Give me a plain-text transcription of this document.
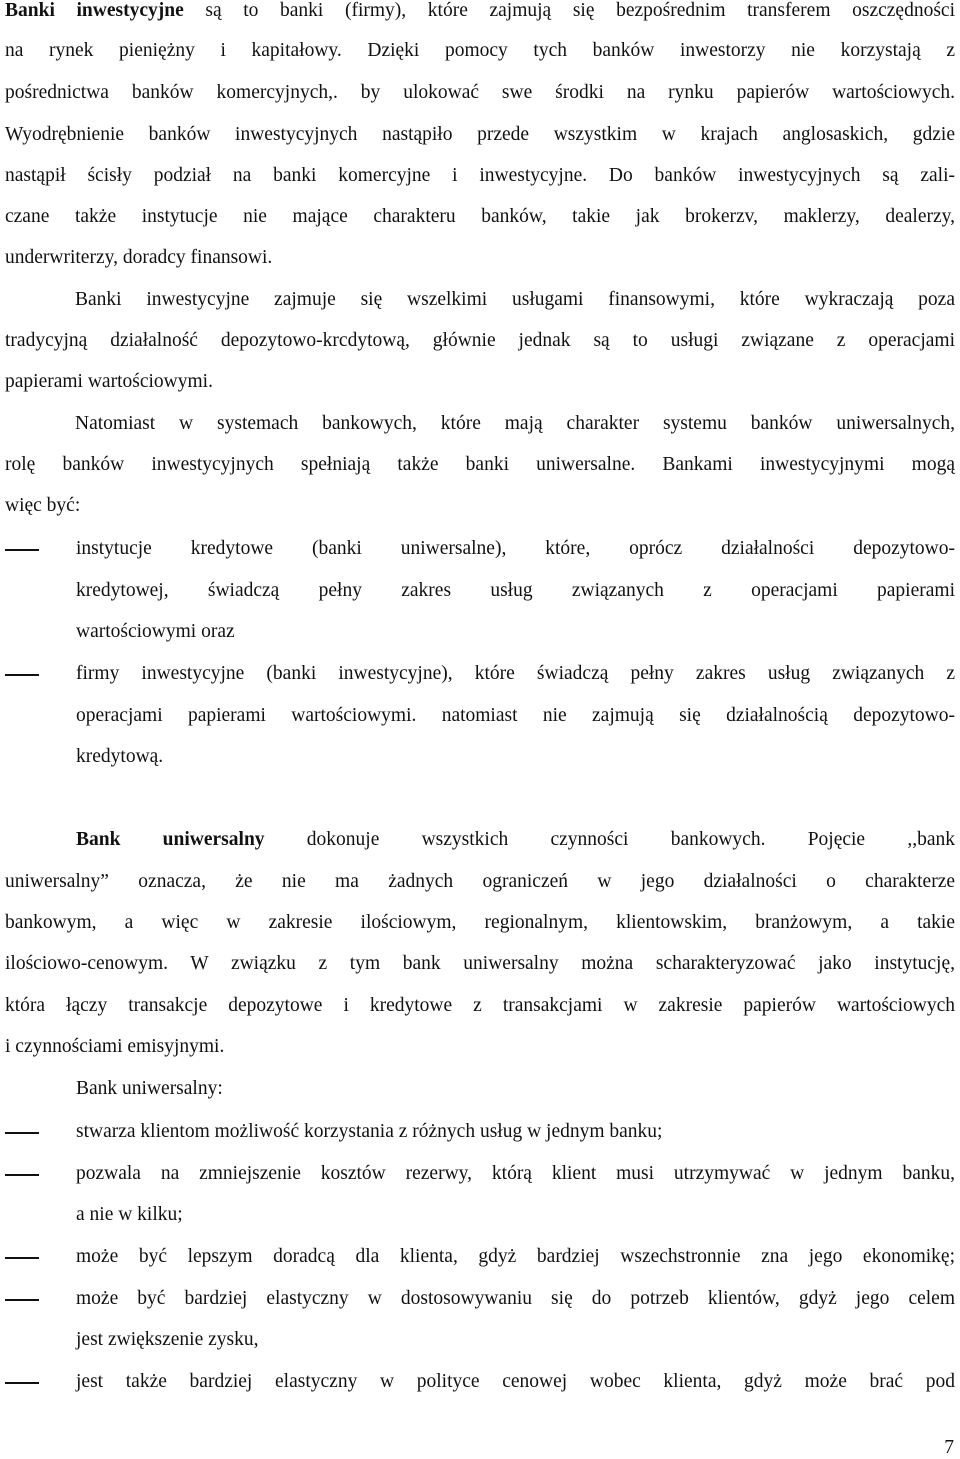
Banki inwestycyjne są to banki (firmy), które zajmują się bezpośrednim transferem oszczędności
na rynek pieniężny i kapitałowy. Dzięki pomocy tych banków inwestorzy nie korzystają z
pośrednictwa banków komercyjnych,. by ulokować swe środki na rynku papierów wartościowych.
Wyodrębnienie banków inwestycyjnych nastąpiło przede wszystkim w krajach anglosaskich, gdzie
nastąpił ścisły podział na banki komercyjne i inwestycyjne. Do banków inwestycyjnych są zali-
czane także instytucje nie mające charakteru banków, takie jak brokerzv, maklerzy, dealerzy,
underwriterzy, doradcy finansowi.
Banki inwestycyjne zajmuje się wszelkimi usługami finansowymi, które wykraczają poza
tradycyjną działalność depozytowo-krcdytową, głównie jednak są to usługi związane z operacjami
papierami wartościowymi.
Natomiast w systemach bankowych, które mają charakter systemu banków uniwersalnych,
rolę banków inwestycyjnych spełniają także banki uniwersalne. Bankami inwestycyjnymi mogą
więc być:
instytucje kredytowe (banki uniwersalne), które, oprócz działalności depozytowo-
kredytowej, świadczą pełny zakres usług związanych z operacjami papierami
wartościowymi oraz
firmy inwestycyjne (banki inwestycyjne), które świadczą pełny zakres usług związanych z
operacjami papierami wartościowymi. natomiast nie zajmują się działalnością depozytowo-
kredytową.
Bank uniwersalny dokonuje wszystkich czynności bankowych. Pojęcie ,,bank
uniwersalny” oznacza, że nie ma żadnych ograniczeń w jego działalności o charakterze
bankowym, a więc w zakresie ilościowym, regionalnym, klientowskim, branżowym, a takie
ilościowo-cenowym. W związku z tym bank uniwersalny można scharakteryzować jako instytucję,
która łączy transakcje depozytowe i kredytowe z transakcjami w zakresie papierów wartościowych
i czynnościami emisyjnymi.
Bank uniwersalny:
stwarza klientom możliwość korzystania z różnych usług w jednym banku;
pozwala na zmniejszenie kosztów rezerwy, którą klient musi utrzymywać w jednym banku,
a nie w kilku;
może być lepszym doradcą dla klienta, gdyż bardziej wszechstronnie zna jego ekonomikę;
może być bardziej elastyczny w dostosowywaniu się do potrzeb klientów, gdyż jego celem
jest zwiększenie zysku,
jest także bardziej elastyczny w polityce cenowej wobec klienta, gdyż może brać pod
7
